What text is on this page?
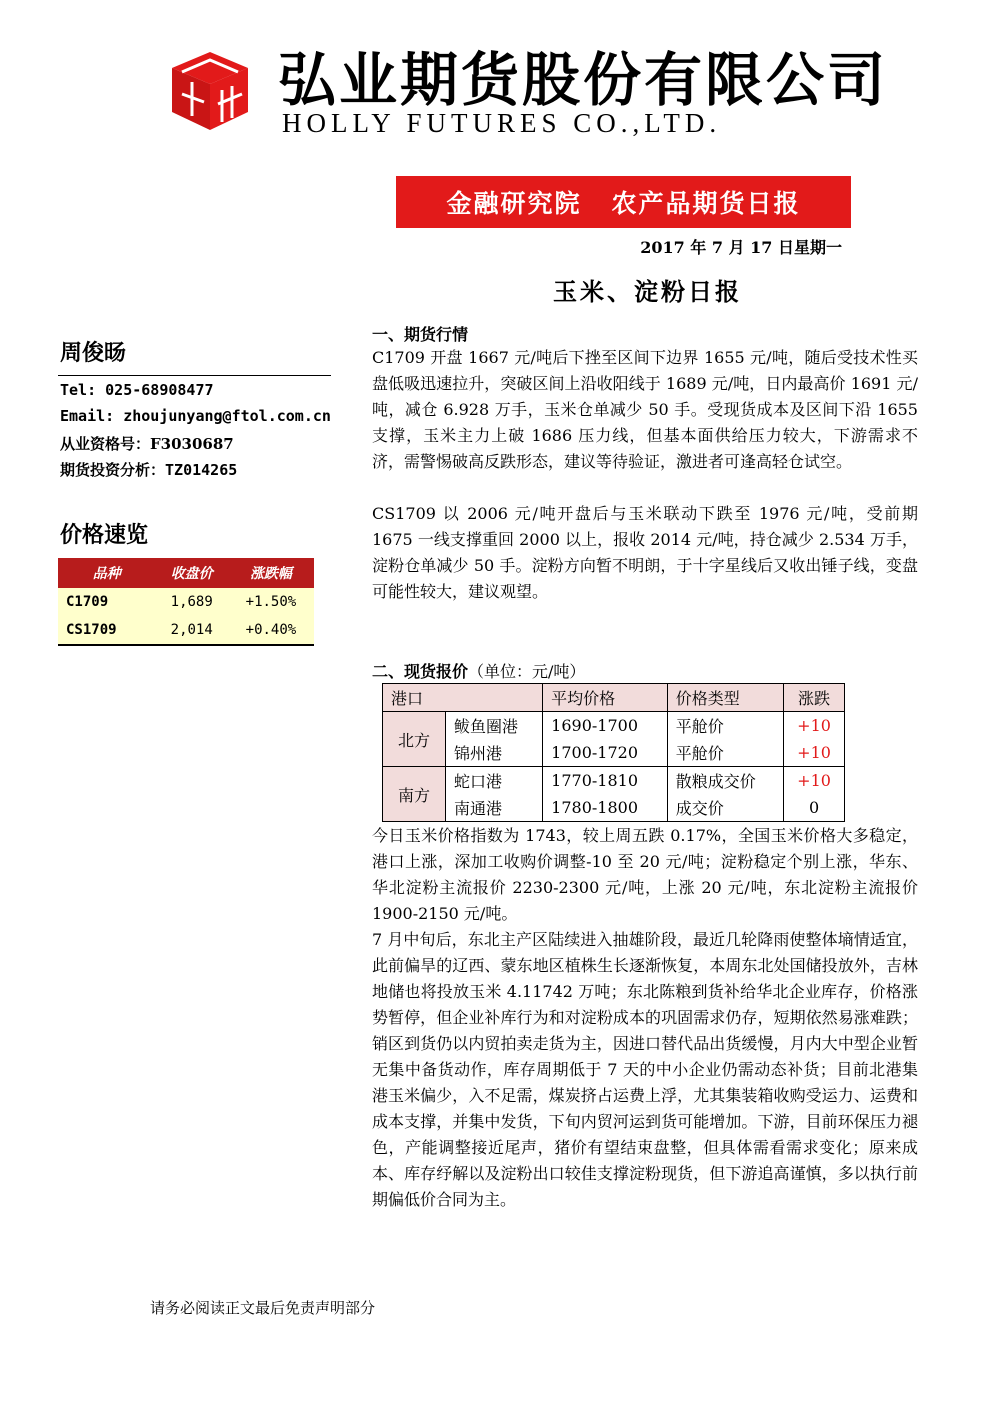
弘业期货股份有限公司
HOLLY FUTURES CO.,LTD.
金融研究院 农产品期货日报
2017 年 7 月 17 日星期一
玉米、淀粉日报
周俊旸
Tel: 025-68908477
Email: zhoujunyang@ftol.com.cn
从业资格号：F3030687
期货投资分析：TZ014265
价格速览
品种	收盘价	涨跌幅
C1709	1,689	+1.50%
CS1709	2,014	+0.40%
一、期货行情
C1709 开盘 1667 元/吨后下挫至区间下边界 1655 元/吨，随后受技术性买盘低吸迅速拉升，突破区间上沿收阳线于 1689 元/吨，日内最高价 1691 元/吨，减仓 6.928 万手，玉米仓单减少 50 手。受现货成本及区间下沿 1655 支撑，玉米主力上破 1686 压力线，但基本面供给压力较大，下游需求不济，需警惕破高反跌形态，建议等待验证，激进者可逢高轻仓试空。
CS1709 以 2006 元/吨开盘后与玉米联动下跌至 1976 元/吨，受前期 1675 一线支撑重回 2000 以上，报收 2014 元/吨，持仓减少 2.534 万手，淀粉仓单减少 50 手。淀粉方向暂不明朗，于十字星线后又收出锤子线，变盘可能性较大，建议观望。
二、现货报价（单位：元/吨）
港口		平均价格	价格类型	涨跌
北方	鲅鱼圈港	1690-1700	平舱价	+10
	锦州港	1700-1720	平舱价	+10
南方	蛇口港	1770-1810	散粮成交价	+10
	南通港	1780-1800	成交价	0
今日玉米价格指数为 1743，较上周五跌 0.17%，全国玉米价格大多稳定，港口上涨，深加工收购价调整-10 至 20 元/吨；淀粉稳定个别上涨，华东、华北淀粉主流报价 2230-2300 元/吨，上涨 20 元/吨，东北淀粉主流报价 1900-2150 元/吨。
7 月中旬后，东北主产区陆续进入抽雄阶段，最近几轮降雨使整体墒情适宜，此前偏旱的辽西、蒙东地区植株生长逐渐恢复，本周东北处国储投放外，吉林地储也将投放玉米 4.11742 万吨；东北陈粮到货补给华北企业库存，价格涨势暂停，但企业补库行为和对淀粉成本的巩固需求仍存，短期依然易涨难跌；销区到货仍以内贸拍卖走货为主，因进口替代品出货缓慢，月内大中型企业暂无集中备货动作，库存周期低于 7 天的中小企业仍需动态补货；目前北港集港玉米偏少，入不足需，煤炭挤占运费上浮，尤其集装箱收购受运力、运费和成本支撑，并集中发货，下旬内贸河运到货可能增加。下游，目前环保压力褪色，产能调整接近尾声，猪价有望结束盘整，但具体需看需求变化；原来成本、库存纾解以及淀粉出口较佳支撑淀粉现货，但下游追高谨慎，多以执行前期偏低价合同为主。
请务必阅读正文最后免责声明部分
